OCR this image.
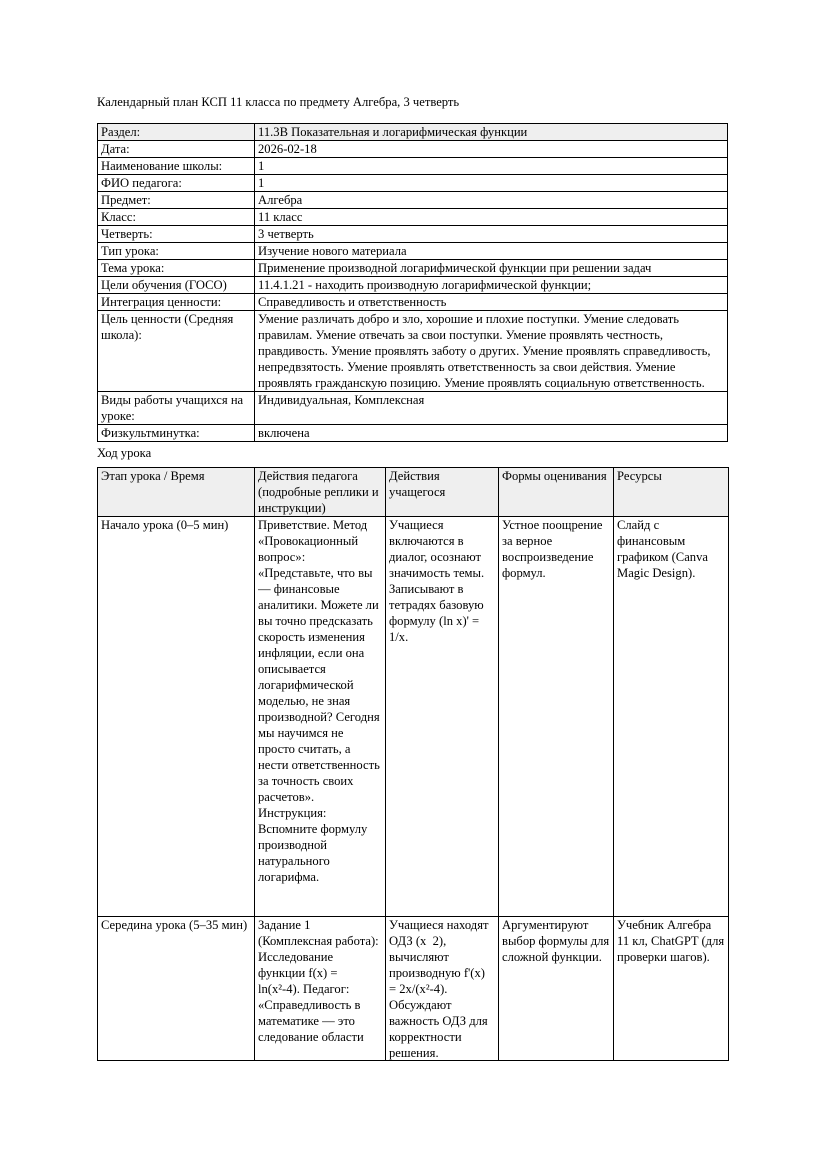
Календарный план КСП 11 класса по предмету Алгебра, 3 четверть
Раздел:	11.3B Показательная и логарифмическая функции
Дата:	2026-02-18
Наименование школы:	1
ФИО педагога:	1
Предмет:	Алгебра
Класс:	11 класс
Четверть:	3 четверть
Тип урока:	Изучение нового материала
Тема урока:	Применение производной логарифмической функции при решении задач
Цели обучения (ГОСО)	11.4.1.21 - находить производную логарифмической функции;
Интеграция ценности:	Справедливость и ответственность
Цель ценности (Средняя школа):	Умение различать добро и зло, хорошие и плохие поступки. Умение следовать правилам. Умение отвечать за свои поступки. Умение проявлять честность, правдивость. Умение проявлять заботу о других. Умение проявлять справедливость, непредвзятость. Умение проявлять ответственность за свои действия. Умение проявлять гражданскую позицию. Умение проявлять социальную ответственность.
Виды работы учащихся на уроке:	Индивидуальная, Комплексная
Физкультминутка:	включена
Ход урока
Этап урока / Время	Действия педагога (подробные реплики и инструкции)	Действия учащегося	Формы оценивания	Ресурсы

Начало урока (0–5 мин)	Приветствие. Метод «Провокационный вопрос»: «Представьте, что вы — финансовые аналитики. Можете ли вы точно предсказать скорость изменения инфляции, если она описывается логарифмической моделью, не зная производной? Сегодня мы научимся не просто считать, а нести ответственность за точность своих расчетов». Инструкция: Вспомните формулу производной натурального логарифма.	Учащиеся включаются в диалог, осознают значимость темы. Записывают в тетрадях базовую формулу (ln x)' = 1/x.	Устное поощрение за верное воспроизведение формул.	Слайд с финансовым графиком (Canva Magic Design).

Середина урока (5–35 мин)	Задание 1 (Комплексная работа): Исследование функции f(x) = ln(x²-4). Педагог: «Справедливость в математике — это следование области	Учащиеся находят ОДЗ (x  2), вычисляют производную f'(x) = 2x/(x²-4). Обсуждают важность ОДЗ для корректности решения.	Аргументируют выбор формулы для сложной функции.	Учебник Алгебра 11 кл, ChatGPT (для проверки шагов).
